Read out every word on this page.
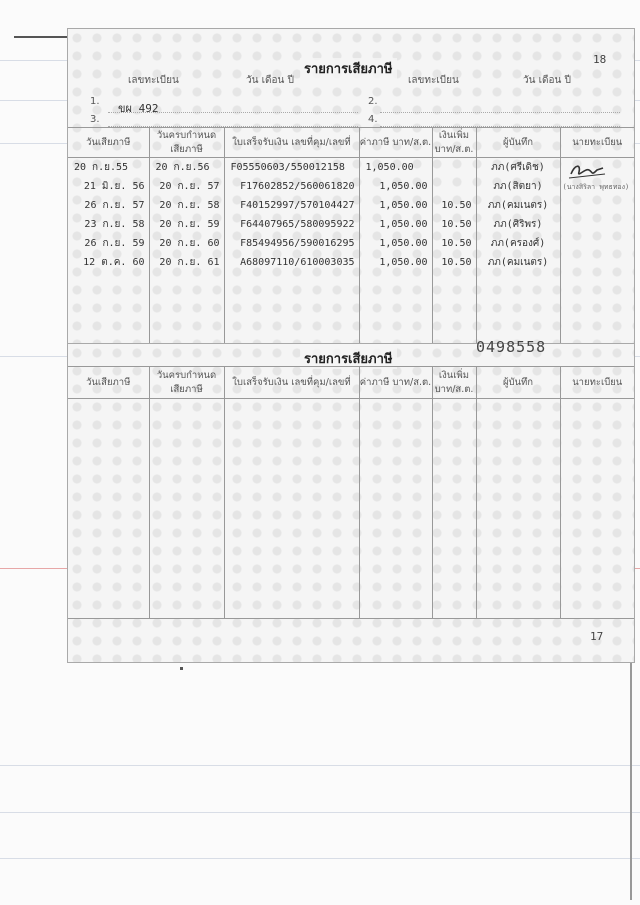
รายการเสียภาษี
18
เลขทะเบียน	วัน เดือน ปี	เลขทะเบียน	วัน เดือน ปี
1.
ขผ 492
2.
3.	4.
วันเสียภาษี	วันครบกำหนด เสียภาษี	ใบเสร็จรับเงิน เลขที่คุม/เลขที่	ค่าภาษี บาท/ส.ต.	เงินเพิ่ม บาท/ส.ต.	ผู้บันทึก	นายทะเบียน
20 ก.ย.55	20 ก.ย.56	F05550603/550012158	1,050.00		ภภ(ศรีเดิช)	(นางสิริลา พุทธทอง)

21 มิ.ย. 56	20 ก.ย. 57	F17602852/560061820	1,050.00		ภภ(สิตยา)	
26 ก.ย. 57	20 ก.ย. 58	F40152997/570104427	1,050.00	10.50	ภภ(คมเนตร)	
23 ก.ย. 58	20 ก.ย. 59	F64407965/580095922	1,050.00	10.50	ภภ(ศิริพร)	
26 ก.ย. 59	20 ก.ย. 60	F85494956/590016295	1,050.00	10.50	ภภ(ครองศ์)	
12 ต.ค. 60	20 ก.ย. 61	A68097110/610003035	1,050.00	10.50	ภภ(คมเนตร)	

0498558
รายการเสียภาษี
วันเสียภาษี	วันครบกำหนด เสียภาษี	ใบเสร็จรับเงิน เลขที่คุม/เลขที่	ค่าภาษี บาท/ส.ต.	เงินเพิ่ม บาท/ส.ต.	ผู้บันทึก	นายทะเบียน

17
